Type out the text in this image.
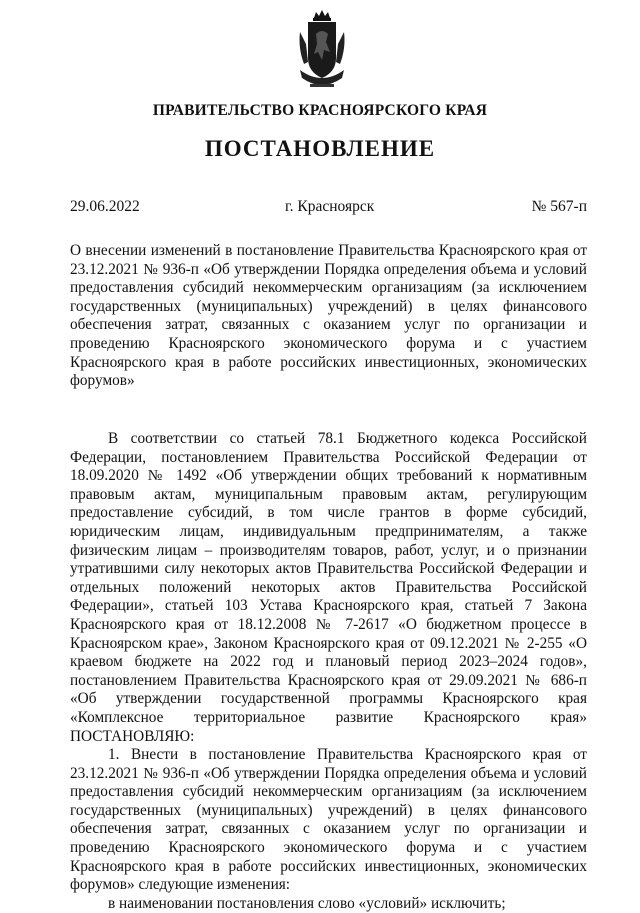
ПРАВИТЕЛЬСТВО КРАСНОЯРСКОГО КРАЯ
ПОСТАНОВЛЕНИЕ
29.06.2022	г. Красноярск	№ 567-п
О внесении изменений в постановление Правительства Красноярского края от 23.12.2021 № 936-п «Об утверждении Порядка определения объема и условий предоставления субсидий некоммерческим организациям (за исключением государственных (муниципальных) учреждений) в целях финансового обеспечения затрат, связанных с оказанием услуг по организации и проведению Красноярского экономического форума и с участием Красноярского края в работе российских инвестиционных, экономических форумов»

В соответствии со статьей 78.1 Бюджетного кодекса Российской Федерации, постановлением Правительства Российской Федерации от 18.09.2020 № 1492 «Об утверждении общих требований к нормативным правовым актам, муниципальным правовым актам, регулирующим предоставление субсидий, в том числе грантов в форме субсидий, юридическим лицам, индивидуальным предпринимателям, а также физическим лицам – производителям товаров, работ, услуг, и о признании утратившими силу некоторых актов Правительства Российской Федерации и отдельных положений некоторых актов Правительства Российской Федерации», статьей 103 Устава Красноярского края, статьей 7 Закона Красноярского края от 18.12.2008 № 7-2617 «О бюджетном процессе в Красноярском крае», Законом Красноярского края от 09.12.2021 № 2-255 «О краевом бюджете на 2022 год и плановый период 2023–2024 годов», постановлением Правительства Красноярского края от 29.09.2021 № 686-п «Об утверждении государственной программы Красноярского края «Комплексное территориальное развитие Красноярского края» ПОСТАНОВЛЯЮ:

1. Внести в постановление Правительства Красноярского края от 23.12.2021 № 936-п «Об утверждении Порядка определения объема и условий предоставления субсидий некоммерческим организациям (за исключением государственных (муниципальных) учреждений) в целях финансового обеспечения затрат, связанных с оказанием услуг по организации и проведению Красноярского экономического форума и с участием Красноярского края в работе российских инвестиционных, экономических форумов» следующие изменения:

в наименовании постановления слово «условий» исключить;
